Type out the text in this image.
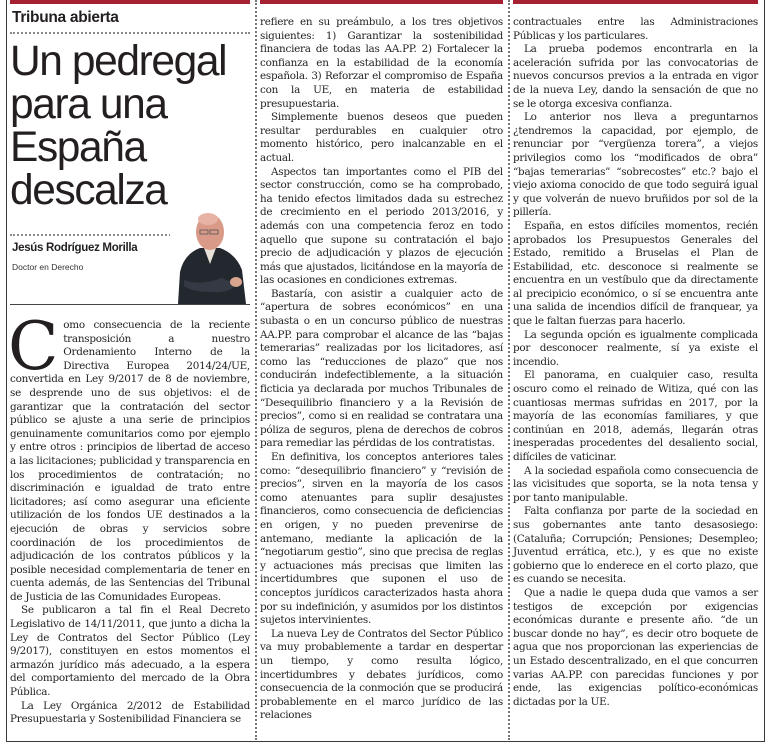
Tribuna abierta
Un pedregal para una España descalza
Jesús Rodríguez Morilla
Doctor en Derecho

Como consecuencia de la reciente transposición a nuestro Ordenamiento Interno de la Directiva Europea 2014/24/UE, convertida en Ley 9/2017 de 8 de noviembre, se desprende uno de sus objetivos: el de garantizar que la contratación del sector público se ajuste a una serie de principios genuinamente comunitarios como por ejemplo y entre otros : principios de libertad de acceso a las licitaciones; publicidad y transparencia en los procedimientos de contratación; no discriminación e igualdad de trato entre licitadores; así como asegurar una eficiente utilización de los fondos UE destinados a la ejecución de obras y servicios sobre coordinación de los procedimientos de adjudicación de los contratos públicos y la posible necesidad complementaria de tener en cuenta además, de las Sentencias del Tribunal de Justicia de las Comunidades Europeas.

Se publicaron a tal fin el Real Decreto Legislativo de 14/11/2011, que junto a dicha la Ley de Contratos del Sector Público (Ley 9/2017), constituyen en estos momentos el armazón jurídico más adecuado, a la espera del comportamiento del mercado de la Obra Pública.

La Ley Orgánica 2/2012 de Estabilidad Presupuestaria y Sostenibilidad Financiera se

refiere en su preámbulo, a los tres objetivos siguientes: 1) Garantizar la sostenibilidad financiera de todas las AA.PP. 2) Fortalecer la confianza en la estabilidad de la economía española. 3) Reforzar el compromiso de España con la UE, en materia de estabilidad presupuestaria.

Simplemente buenos deseos que pueden resultar perdurables en cualquier otro momento histórico, pero inalcanzable en el actual.

Aspectos tan importantes como el PIB del sector construcción, como se ha comprobado, ha tenido efectos limitados dada su estrechez de crecimiento en el periodo 2013/2016, y además con una competencia feroz en todo aquello que supone su contratación el bajo precio de adjudicación y plazos de ejecución más que ajustados, licitándose en la mayoría de las ocasiones en condiciones extremas.

Bastaría, con asistir a cualquier acto de “apertura de sobres económicos” en una subasta o en un concurso público de nuestras AA.PP. para comprobar el alcance de las “bajas temerarias” realizadas por los licitadores, así como las “reducciones de plazo” que nos conducirán indefectiblemente, a la situación ficticia ya declarada por muchos Tribunales de “Desequilibrio financiero y a la Revisión de precios”, como si en realidad se contratara una póliza de seguros, plena de derechos de cobros para remediar las pérdidas de los contratistas.

En definitiva, los conceptos anteriores tales como: “desequilibrio financiero” y “revisión de precios”, sirven en la mayoría de los casos como atenuantes para suplir desajustes financieros, como consecuencia de deficiencias en origen, y no pueden prevenirse de antemano, mediante la aplicación de la “negotiarum gestio”, sino que precisa de reglas y actuaciones más precisas que limiten las incertidumbres que suponen el uso de conceptos jurídicos caracterizados hasta ahora por su indefinición, y asumidos por los distintos sujetos intervinientes.

La nueva Ley de Contratos del Sector Público va muy probablemente a tardar en despertar un tiempo, y como resulta lógico, incertidumbres y debates jurídicos, como consecuencia de la conmoción que se producirá probablemente en el marco jurídico de las relaciones

contractuales entre las Administraciones Públicas y los particulares.

La prueba podemos encontrarla en la aceleración sufrida por las convocatorias de nuevos concursos previos a la entrada en vigor de la nueva Ley, dando la sensación de que no se le otorga excesiva confianza.

Lo anterior nos lleva a preguntarnos ¿tendremos la capacidad, por ejemplo, de renunciar por “vergüenza torera”, a viejos privilegios como los “modificados de obra” “bajas temerarias” “sobrecostes” etc.? bajo el viejo axioma conocido de que todo seguirá igual y que volverán de nuevo bruñidos por sol de la pillería.

España, en estos difíciles momentos, recién aprobados los Presupuestos Generales del Estado, remitido a Bruselas el Plan de Estabilidad, etc. desconoce si realmente se encuentra en un vestíbulo que da directamente al precipicio económico, o sí se encuentra ante una salida de incendios difícil de franquear, ya que le faltan fuerzas para hacerlo.

La segunda opción es igualmente complicada por desconocer realmente, sí ya existe el incendio.

El panorama, en cualquier caso, resulta oscuro como el reinado de Witiza, qué con las cuantiosas mermas sufridas en 2017, por la mayoría de las economías familiares, y que continúan en 2018, además, llegarán otras inesperadas procedentes del desaliento social, difíciles de vaticinar.

A la sociedad española como consecuencia de las vicisitudes que soporta, se la nota tensa y por tanto manipulable.

Falta confianza por parte de la sociedad en sus gobernantes ante tanto desasosiego: (Cataluña; Corrupción; Pensiones; Desempleo; Juventud errática, etc.), y es que no existe gobierno que lo enderece en el corto plazo, que es cuando se necesita.

Que a nadie le quepa duda que vamos a ser testigos de excepción por exigencias económicas durante e presente año. “de un buscar donde no hay”, es decir otro boquete de agua que nos proporcionan las experiencias de un Estado descentralizado, en el que concurren varias AA.PP. con parecidas funciones y por ende, las exigencias político-económicas dictadas por la UE.
